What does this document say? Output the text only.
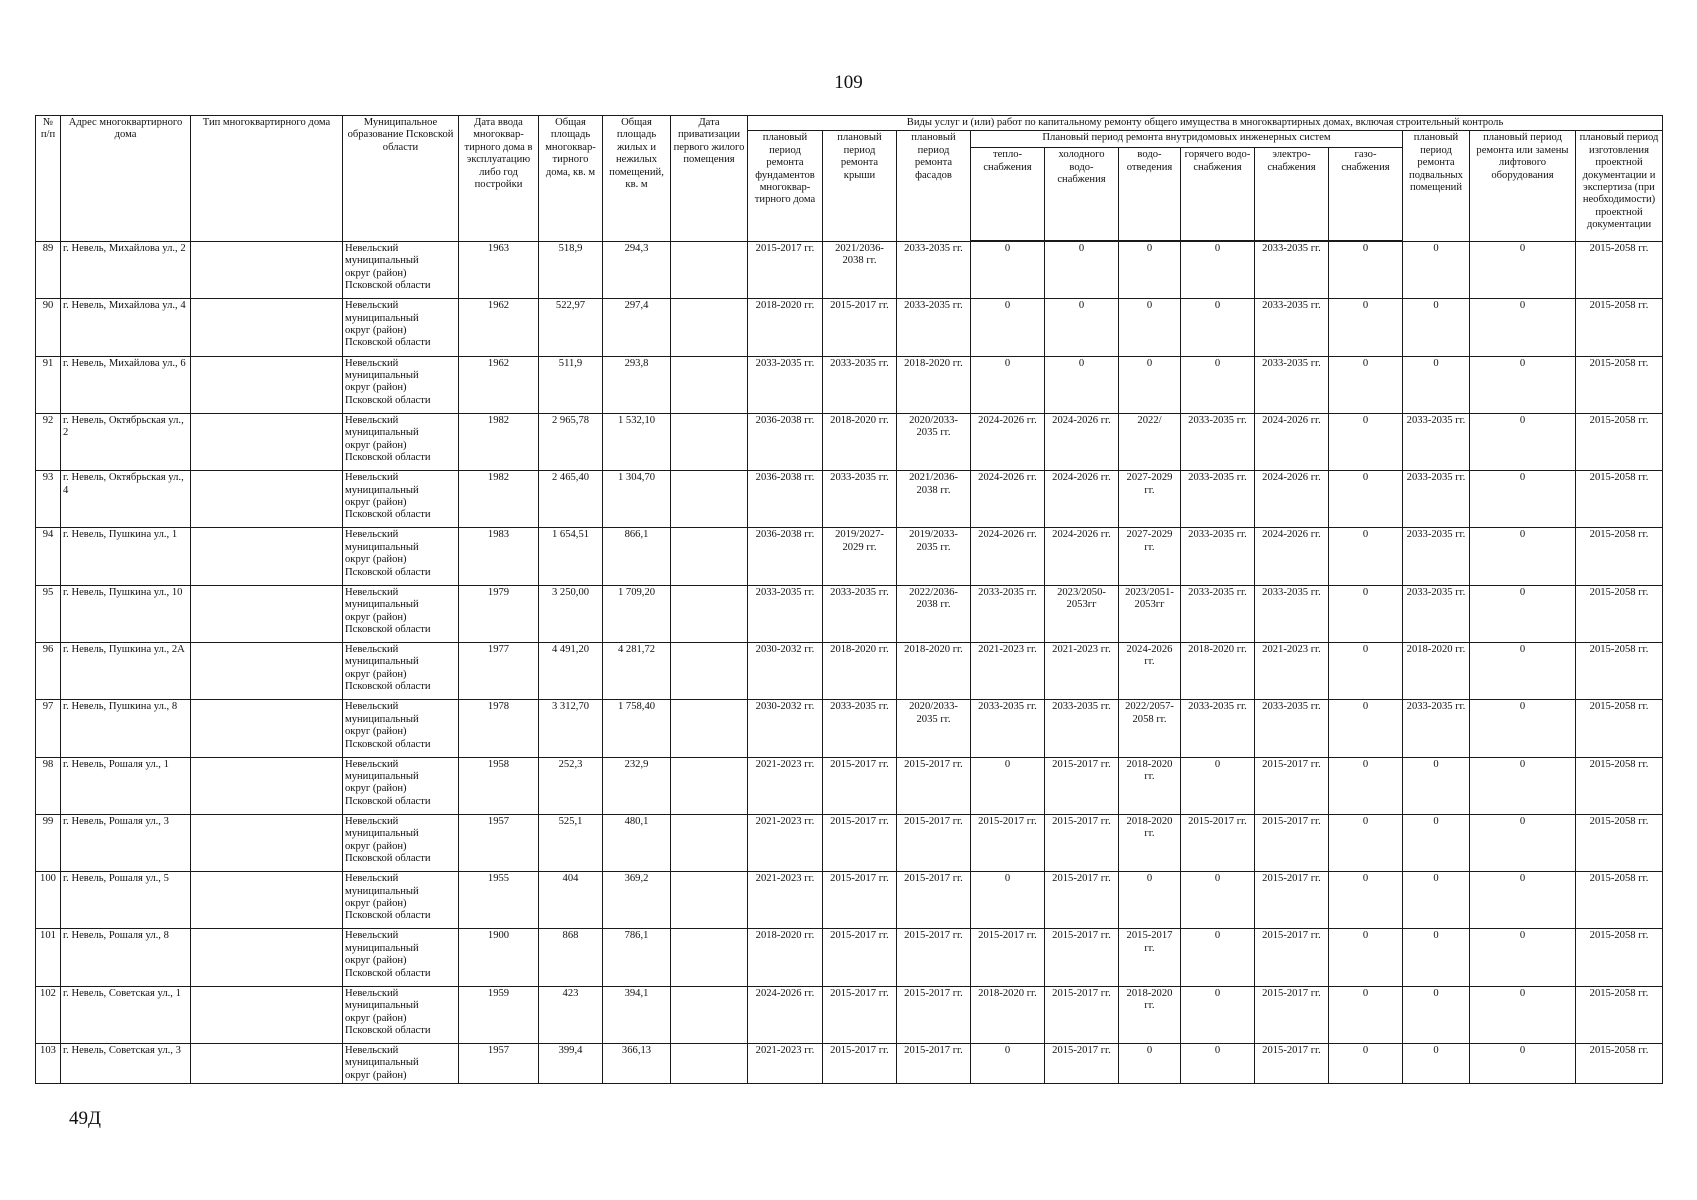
109
№ п/п	Адрес многоквартирного дома	Тип многоквартирного дома	Муниципальное образование Псковской области	Дата ввода многоквар-тирного дома в эксплуатацию либо год постройки	Общая площадь многоквар-тирного дома, кв. м	Общая площадь жилых и нежилых помещений, кв. м	Дата приватизации первого жилого помещения	Виды услуг и (или) работ по капитальному ремонту общего имущества в многоквартирных домах, включая строительный контроль											
								плановый период ремонта фундаментов многоквар-тирного дома	плановый период ремонта крыши	плановый период ремонта фасадов	Плановый период ремонта внутридомовых инженерных систем						плановый период ремонта подвальных помещений	плановый период ремонта или замены лифтового оборудования	плановый период изготовления проектной документации и экспертиза (при необходимости) проектной документации
											тепло-снабжения	холодного водо-снабжения	водо-отведения	горячего водо-снабжения	электро-снабжения	газо-снабжения			
89	г. Невель, Михайлова ул., 2		Невельский
муниципальный
округ (район)
Псковской области	1963	518,9	294,3		2015-2017 гг.	2021/2036-2038 гг.	2033-2035 гг.	0	0	0	0	2033-2035 гг.	0	0	0	2015-2058 гг.
90	г. Невель, Михайлова ул., 4		Невельский
муниципальный
округ (район)
Псковской области	1962	522,97	297,4		2018-2020 гг.	2015-2017 гг.	2033-2035 гг.	0	0	0	0	2033-2035 гг.	0	0	0	2015-2058 гг.
91	г. Невель, Михайлова ул., 6		Невельский
муниципальный
округ (район)
Псковской области	1962	511,9	293,8		2033-2035 гг.	2033-2035 гг.	2018-2020 гг.	0	0	0	0	2033-2035 гг.	0	0	0	2015-2058 гг.
92	г. Невель, Октябрьская ул., 2		Невельский
муниципальный
округ (район)
Псковской области	1982	2 965,78	1 532,10		2036-2038 гг.	2018-2020 гг.	2020/2033-2035 гг.	2024-2026 гг.	2024-2026 гг.	2022/	2033-2035 гг.	2024-2026 гг.	0	2033-2035 гг.	0	2015-2058 гг.
93	г. Невель, Октябрьская ул., 4		Невельский
муниципальный
округ (район)
Псковской области	1982	2 465,40	1 304,70		2036-2038 гг.	2033-2035 гг.	2021/2036-2038 гг.	2024-2026 гг.	2024-2026 гг.	2027-2029 гг.	2033-2035 гг.	2024-2026 гг.	0	2033-2035 гг.	0	2015-2058 гг.
94	г. Невель, Пушкина ул., 1		Невельский
муниципальный
округ (район)
Псковской области	1983	1 654,51	866,1		2036-2038 гг.	2019/2027-2029 гг.	2019/2033-2035 гг.	2024-2026 гг.	2024-2026 гг.	2027-2029 гг.	2033-2035 гг.	2024-2026 гг.	0	2033-2035 гг.	0	2015-2058 гг.
95	г. Невель, Пушкина ул., 10		Невельский
муниципальный
округ (район)
Псковской области	1979	3 250,00	1 709,20		2033-2035 гг.	2033-2035 гг.	2022/2036-2038 гг.	2033-2035 гг.	2023/2050-2053гг	2023/2051-2053гг	2033-2035 гг.	2033-2035 гг.	0	2033-2035 гг.	0	2015-2058 гг.
96	г. Невель, Пушкина ул., 2А		Невельский
муниципальный
округ (район)
Псковской области	1977	4 491,20	4 281,72		2030-2032 гг.	2018-2020 гг.	2018-2020 гг.	2021-2023 гг.	2021-2023 гг.	2024-2026 гг.	2018-2020 гг.	2021-2023 гг.	0	2018-2020 гг.	0	2015-2058 гг.
97	г. Невель, Пушкина ул., 8		Невельский
муниципальный
округ (район)
Псковской области	1978	3 312,70	1 758,40		2030-2032 гг.	2033-2035 гг.	2020/2033-2035 гг.	2033-2035 гг.	2033-2035 гг.	2022/2057-2058 гг.	2033-2035 гг.	2033-2035 гг.	0	2033-2035 гг.	0	2015-2058 гг.
98	г. Невель, Рошаля ул., 1		Невельский
муниципальный
округ (район)
Псковской области	1958	252,3	232,9		2021-2023 гг.	2015-2017 гг.	2015-2017 гг.	0	2015-2017 гг.	2018-2020 гг.	0	2015-2017 гг.	0	0	0	2015-2058 гг.
99	г. Невель, Рошаля ул., 3		Невельский
муниципальный
округ (район)
Псковской области	1957	525,1	480,1		2021-2023 гг.	2015-2017 гг.	2015-2017 гг.	2015-2017 гг.	2015-2017 гг.	2018-2020 гг.	2015-2017 гг.	2015-2017 гг.	0	0	0	2015-2058 гг.
100	г. Невель, Рошаля ул., 5		Невельский
муниципальный
округ (район)
Псковской области	1955	404	369,2		2021-2023 гг.	2015-2017 гг.	2015-2017 гг.	0	2015-2017 гг.	0	0	2015-2017 гг.	0	0	0	2015-2058 гг.
101	г. Невель, Рошаля ул., 8		Невельский
муниципальный
округ (район)
Псковской области	1900	868	786,1		2018-2020 гг.	2015-2017 гг.	2015-2017 гг.	2015-2017 гг.	2015-2017 гг.	2015-2017 гг.	0	2015-2017 гг.	0	0	0	2015-2058 гг.
102	г. Невель, Советская ул., 1		Невельский
муниципальный
округ (район)
Псковской области	1959	423	394,1		2024-2026 гг.	2015-2017 гг.	2015-2017 гг.	2018-2020 гг.	2015-2017 гг.	2018-2020 гг.	0	2015-2017 гг.	0	0	0	2015-2058 гг.
103	г. Невель, Советская ул., 3		Невельский
муниципальный
округ (район)	1957	399,4	366,13		2021-2023 гг.	2015-2017 гг.	2015-2017 гг.	0	2015-2017 гг.	0	0	2015-2017 гг.	0	0	0	2015-2058 гг.
49Д
